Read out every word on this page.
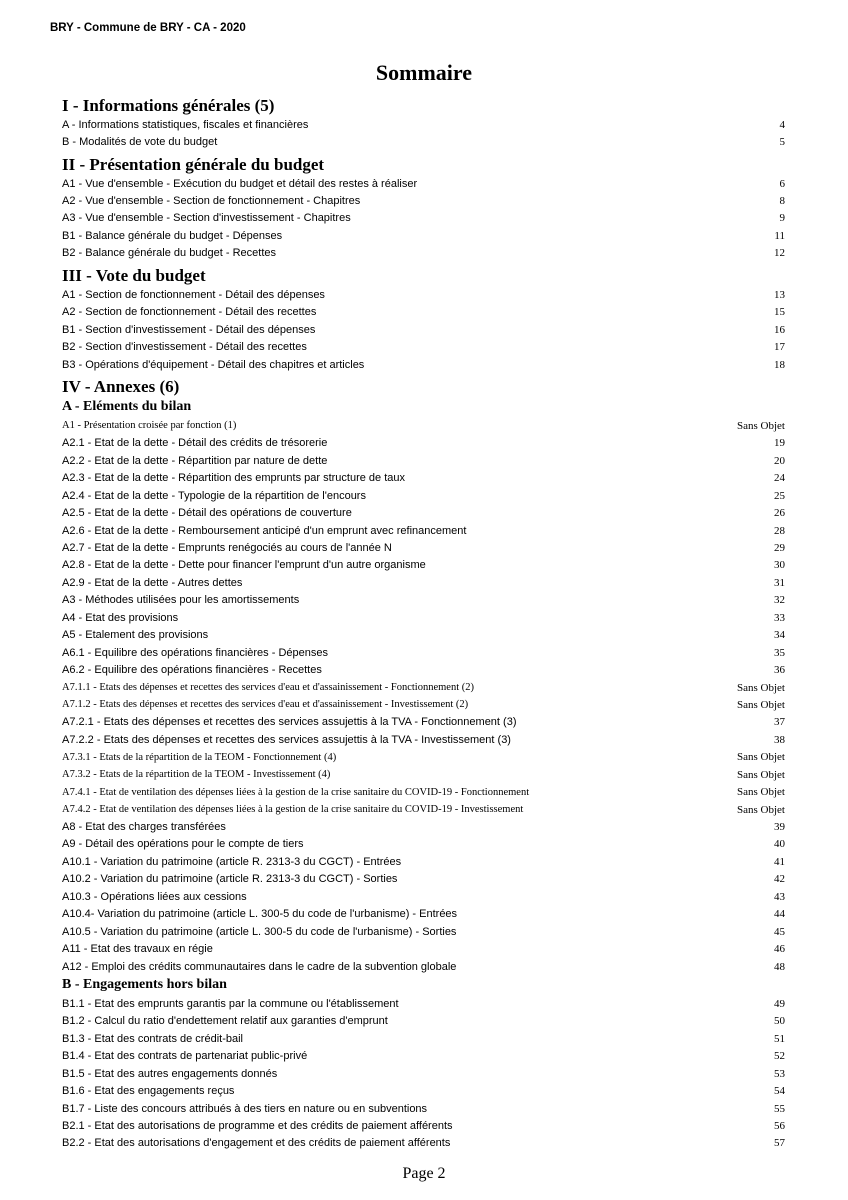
BRY - Commune de BRY - CA - 2020
Sommaire
I - Informations générales (5)
A - Informations statistiques, fiscales et financières	4
B - Modalités de vote du budget	5
II - Présentation générale du budget
A1 - Vue d'ensemble - Exécution du budget et détail des restes à réaliser	6
A2 - Vue d'ensemble - Section de fonctionnement - Chapitres	8
A3 - Vue d'ensemble - Section d'investissement - Chapitres	9
B1 - Balance générale du budget - Dépenses	11
B2 - Balance générale du budget - Recettes	12
III - Vote du budget
A1 - Section de fonctionnement - Détail des dépenses	13
A2 - Section de fonctionnement - Détail des recettes	15
B1 - Section d'investissement - Détail des dépenses	16
B2 - Section d'investissement - Détail des recettes	17
B3 - Opérations d'équipement - Détail des chapitres et articles	18
IV - Annexes (6)
A - Eléments du bilan
A1 - Présentation croisée par fonction (1)	Sans Objet
A2.1 - Etat de la dette - Détail des crédits de trésorerie	19
A2.2 - Etat de la dette - Répartition par nature de dette	20
A2.3 - Etat de la dette - Répartition des emprunts par structure de taux	24
A2.4 - Etat de la dette - Typologie de la répartition de l'encours	25
A2.5 - Etat de la dette - Détail des opérations de couverture	26
A2.6 - Etat de la dette - Remboursement anticipé d'un emprunt avec refinancement	28
A2.7 - Etat de la dette - Emprunts renégociés au cours de l'année N	29
A2.8 - Etat de la dette - Dette pour financer l'emprunt d'un autre organisme	30
A2.9 - Etat de la dette - Autres dettes	31
A3 - Méthodes utilisées pour les amortissements	32
A4 - Etat des provisions	33
A5 - Etalement des provisions	34
A6.1 - Equilibre des opérations financières - Dépenses	35
A6.2 - Equilibre des opérations financières - Recettes	36
A7.1.1 - Etats des dépenses et recettes des services d'eau et d'assainissement - Fonctionnement (2)	Sans Objet
A7.1.2 - Etats des dépenses et recettes des services d'eau et d'assainissement - Investissement (2)	Sans Objet
A7.2.1 - Etats des dépenses et recettes des services assujettis à la TVA - Fonctionnement (3)	37
A7.2.2 - Etats des dépenses et recettes des services assujettis à la TVA - Investissement (3)	38
A7.3.1 - Etats de la répartition de la TEOM - Fonctionnement (4)	Sans Objet
A7.3.2 - Etats de la répartition de la TEOM - Investissement (4)	Sans Objet
A7.4.1 - Etat de ventilation des dépenses liées à la gestion de la crise sanitaire du COVID-19 - Fonctionnement	Sans Objet
A7.4.2 - Etat de ventilation des dépenses liées à la gestion de la crise sanitaire du COVID-19 - Investissement	Sans Objet
A8 - Etat des charges transférées	39
A9 - Détail des opérations pour le compte de tiers	40
A10.1 - Variation du patrimoine (article R. 2313-3 du CGCT) - Entrées	41
A10.2 - Variation du patrimoine (article R. 2313-3 du CGCT) - Sorties	42
A10.3 - Opérations liées aux cessions	43
A10.4- Variation du patrimoine (article L. 300-5 du code de l'urbanisme) - Entrées	44
A10.5 - Variation du patrimoine (article L. 300-5 du code de l'urbanisme) - Sorties	45
A11 - Etat des travaux en régie	46
A12 - Emploi des crédits communautaires dans le cadre de la subvention globale	48
B - Engagements hors bilan
B1.1 - Etat des emprunts garantis par la commune ou l'établissement	49
B1.2 - Calcul du ratio d'endettement relatif aux garanties d'emprunt	50
B1.3 - Etat des contrats de crédit-bail	51
B1.4 - Etat des contrats de partenariat public-privé	52
B1.5 - Etat des autres engagements donnés	53
B1.6 - Etat des engagements reçus	54
B1.7 - Liste des concours attribués à des tiers en nature ou en subventions	55
B2.1 - Etat des autorisations de programme et des crédits de paiement afférents	56
B2.2 - Etat des autorisations d'engagement et des crédits de paiement afférents	57
Page 2
